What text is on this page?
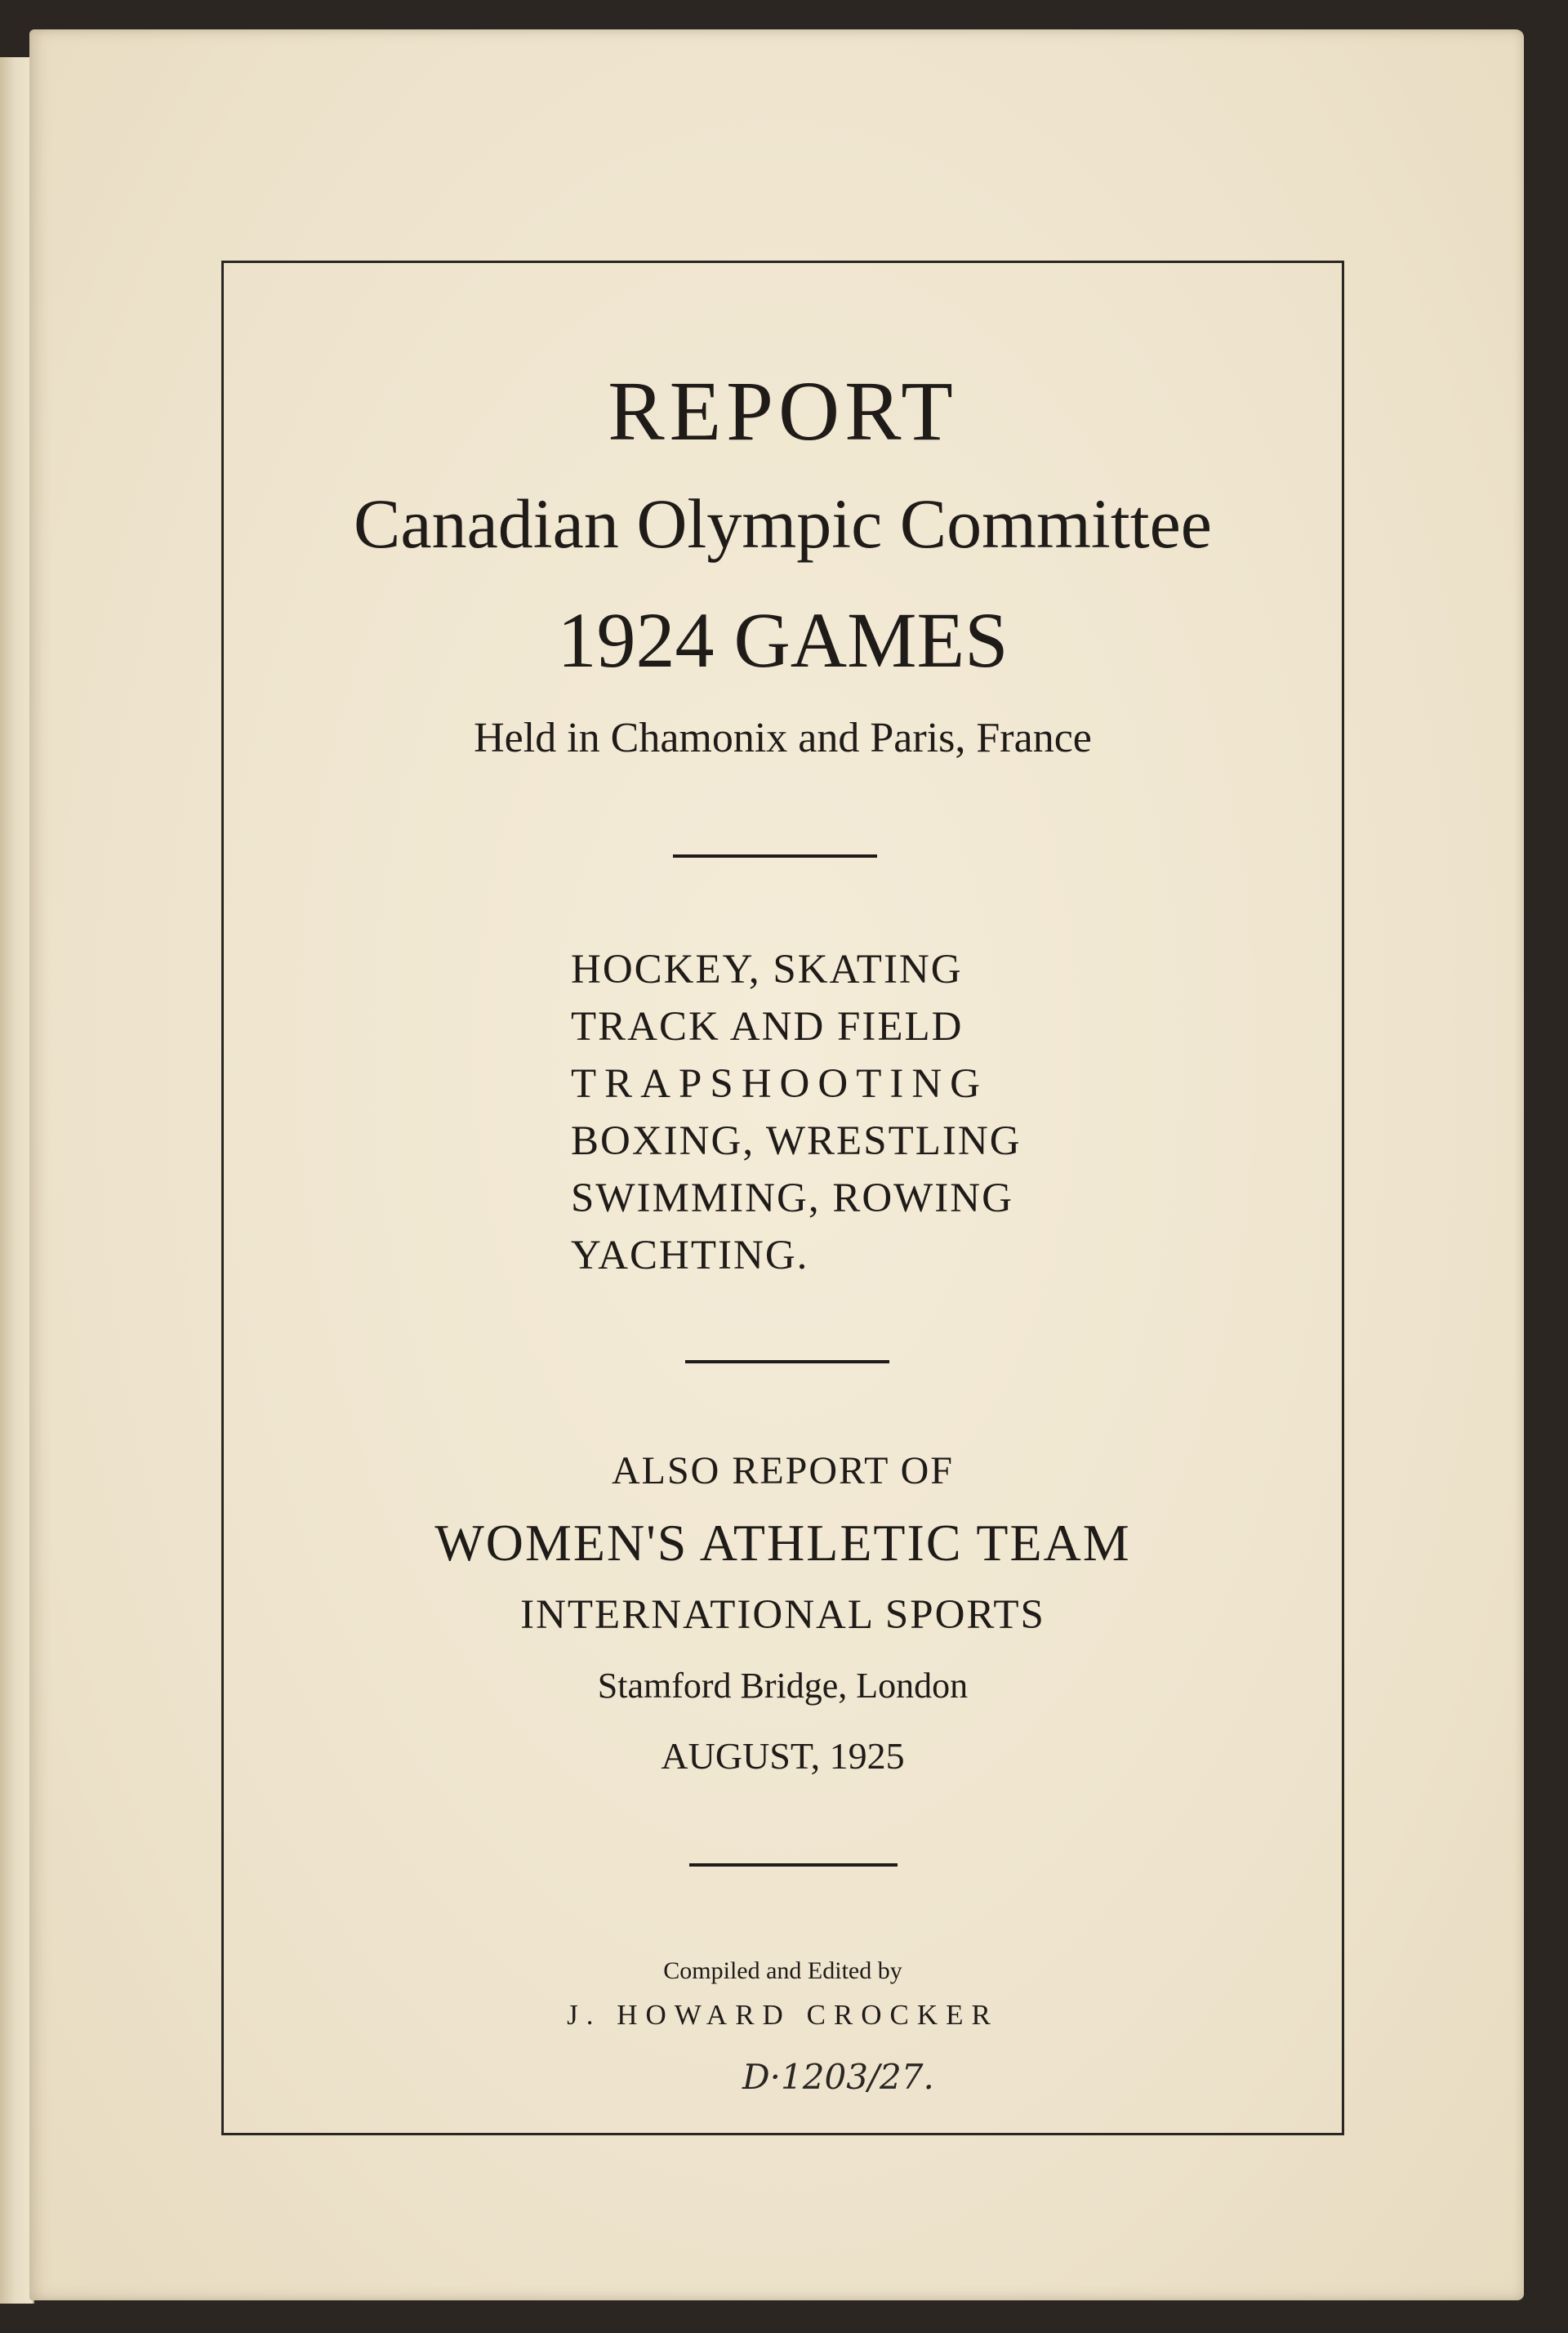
REPORT
Canadian Olympic Committee
1924 GAMES
Held in Chamonix and Paris, France
HOCKEY, SKATING
TRACK AND FIELD
TRAPSHOOTING
BOXING, WRESTLING
SWIMMING, ROWING
YACHTING.
ALSO REPORT OF
WOMEN'S ATHLETIC TEAM
INTERNATIONAL SPORTS
Stamford Bridge, London
AUGUST, 1925
Compiled and Edited by
J. HOWARD CROCKER
D·1203/27.
